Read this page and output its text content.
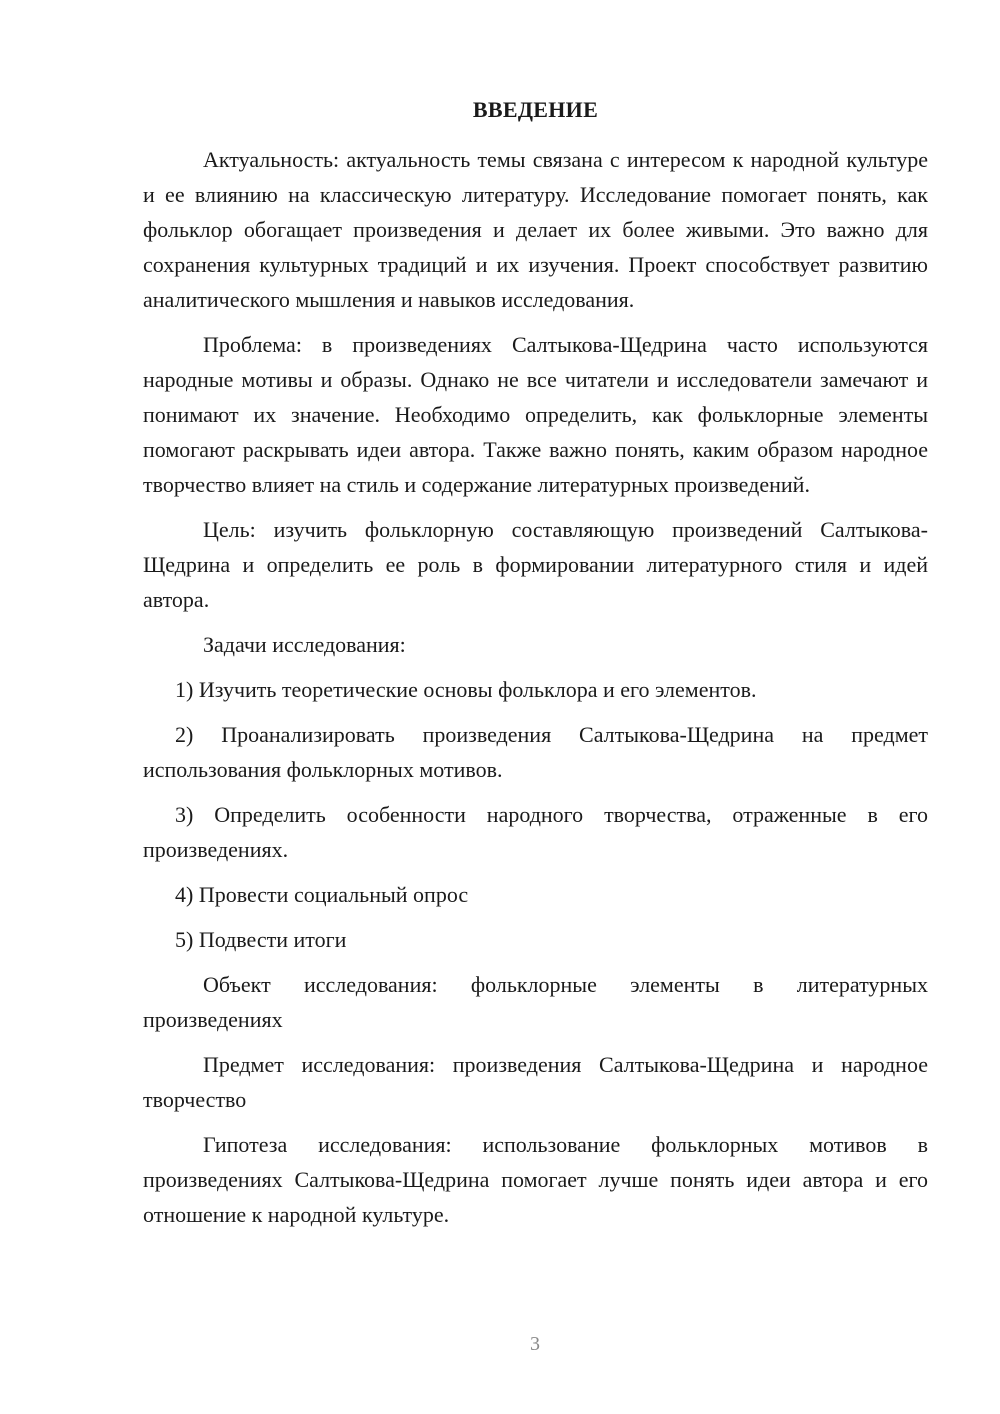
ВВЕДЕНИЕ

Актуальность: актуальность темы связана с интересом к народной культуре и ее влиянию на классическую литературу. Исследование помогает понять, как фольклор обогащает произведения и делает их более живыми. Это важно для сохранения культурных традиций и их изучения. Проект способствует развитию аналитического мышления и навыков исследования.

Проблема: в произведениях Салтыкова-Щедрина часто используются народные мотивы и образы. Однако не все читатели и исследователи замечают и понимают их значение. Необходимо определить, как фольклорные элементы помогают раскрывать идеи автора. Также важно понять, каким образом народное творчество влияет на стиль и содержание литературных произведений.

Цель: изучить фольклорную составляющую произведений Салтыкова-Щедрина и определить ее роль в формировании литературного стиля и идей автора.

Задачи исследования:

1) Изучить теоретические основы фольклора и его элементов.

2) Проанализировать произведения Салтыкова-Щедрина на предмет использования фольклорных мотивов.

3) Определить особенности народного творчества, отраженные в его произведениях.

4) Провести социальный опрос

5) Подвести итоги

Объект исследования: фольклорные элементы в литературных произведениях

Предмет исследования: произведения Салтыкова-Щедрина и народное творчество

Гипотеза исследования: использование фольклорных мотивов в произведениях Салтыкова-Щедрина помогает лучше понять идеи автора и его отношение к народной культуре.

3
